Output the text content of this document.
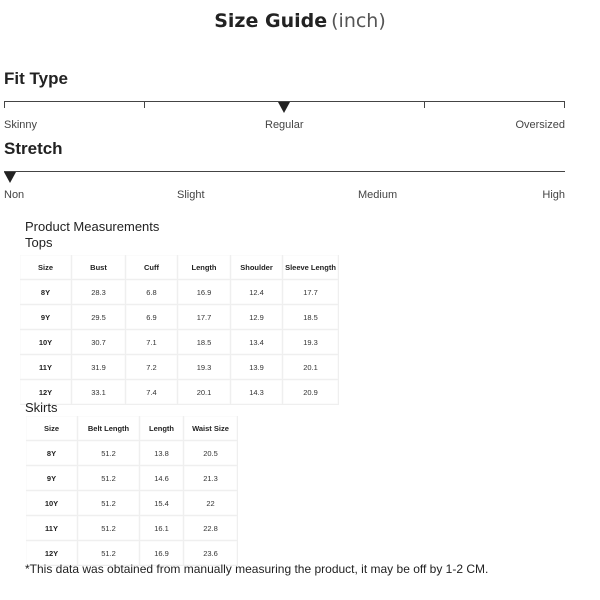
Size Guide (inch)
Fit Type
Skinny	Regular	Oversized
Stretch
Non	Slight	Medium	High
Product Measurements
Tops
Size	Bust	Cuff	Length	Shoulder	Sleeve Length
8Y	28.3	6.8	16.9	12.4	17.7
9Y	29.5	6.9	17.7	12.9	18.5
10Y	30.7	7.1	18.5	13.4	19.3
11Y	31.9	7.2	19.3	13.9	20.1
12Y	33.1	7.4	20.1	14.3	20.9
Skirts
Size	Belt Length	Length	Waist Size
8Y	51.2	13.8	20.5
9Y	51.2	14.6	21.3
10Y	51.2	15.4	22
11Y	51.2	16.1	22.8
12Y	51.2	16.9	23.6
*This data was obtained from manually measuring the product, it may be off by 1-2 CM.
